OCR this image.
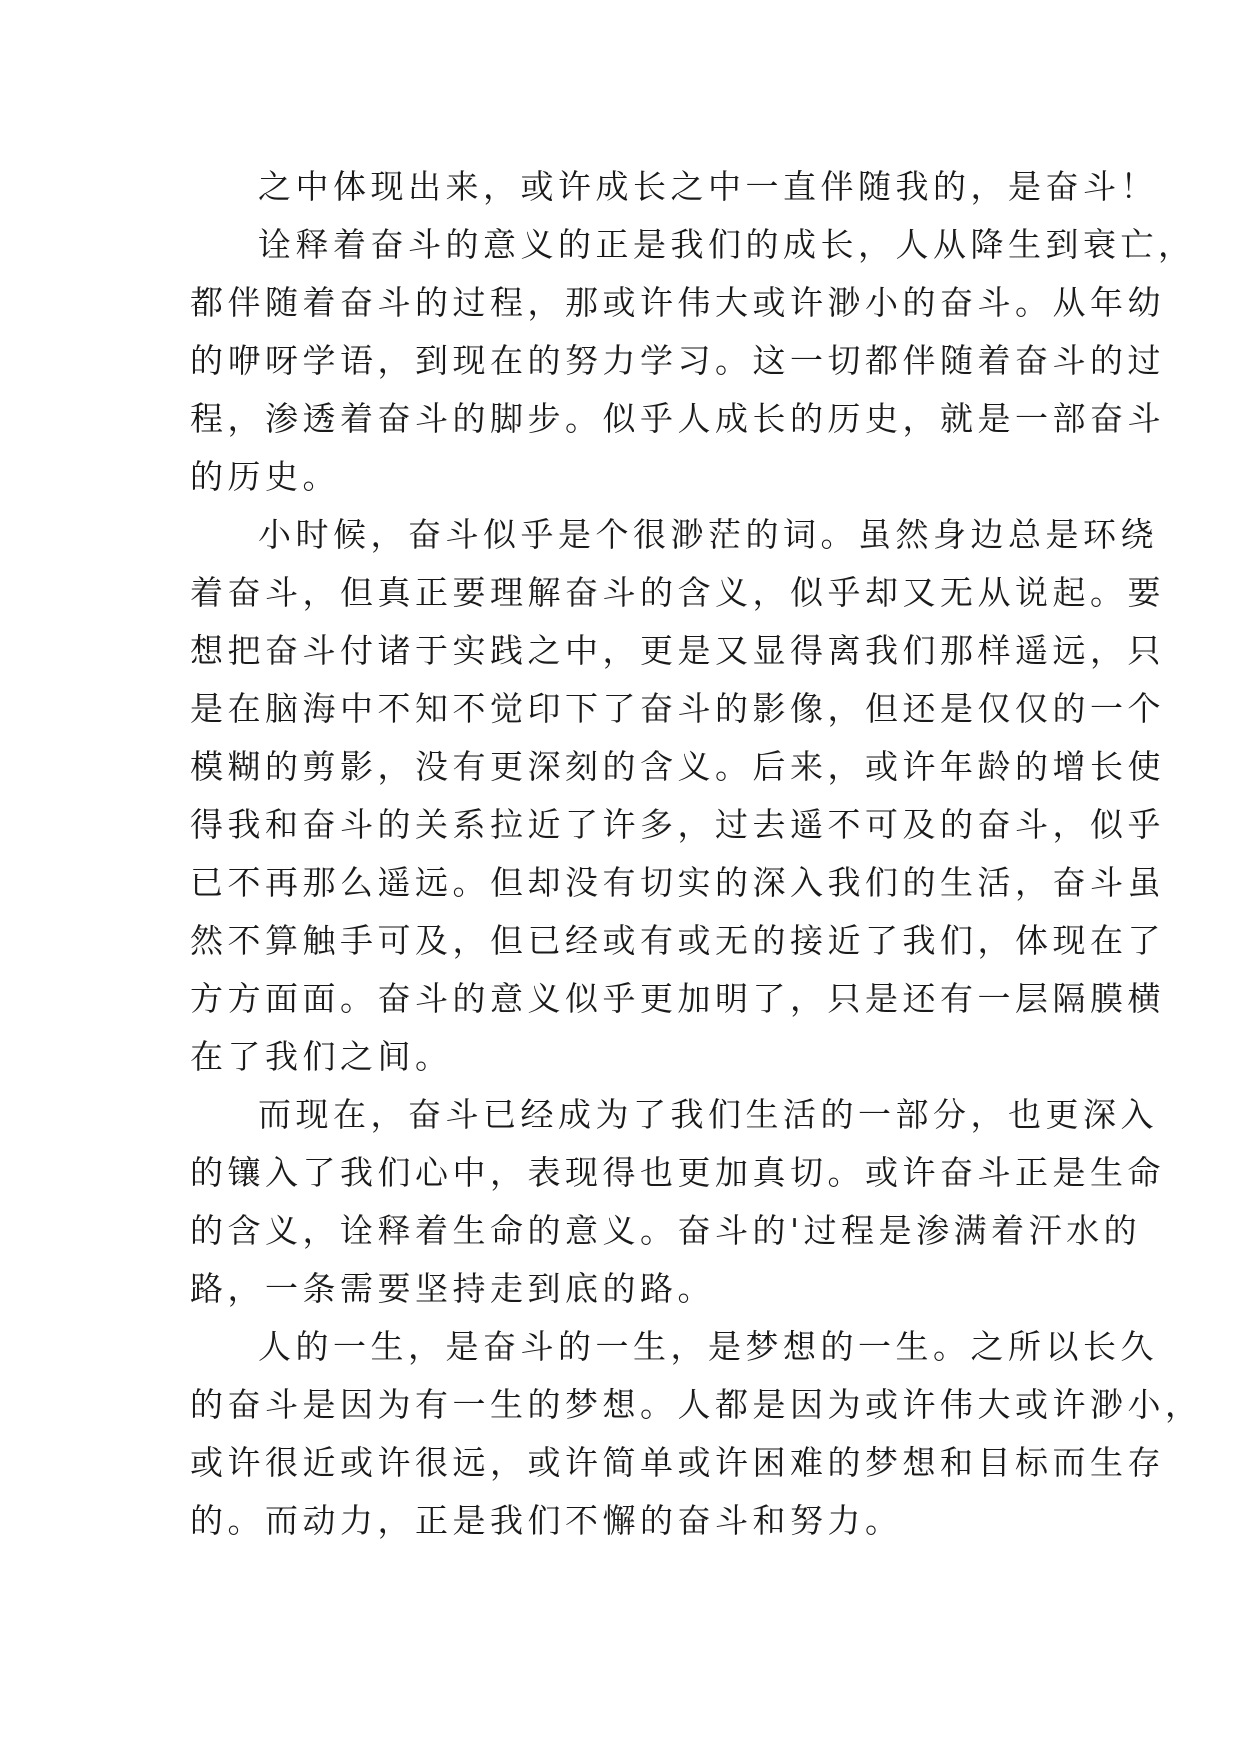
之中体现出来，或许成长之中一直伴随我的，是奋斗！
诠释着奋斗的意义的正是我们的成长，人从降生到衰亡，
都伴随着奋斗的过程，那或许伟大或许渺小的奋斗。从年幼
的咿呀学语，到现在的努力学习。这一切都伴随着奋斗的过
程，渗透着奋斗的脚步。似乎人成长的历史，就是一部奋斗
的历史。
小时候，奋斗似乎是个很渺茫的词。虽然身边总是环绕
着奋斗，但真正要理解奋斗的含义，似乎却又无从说起。要
想把奋斗付诸于实践之中，更是又显得离我们那样遥远，只
是在脑海中不知不觉印下了奋斗的影像，但还是仅仅的一个
模糊的剪影，没有更深刻的含义。后来，或许年龄的增长使
得我和奋斗的关系拉近了许多，过去遥不可及的奋斗，似乎
已不再那么遥远。但却没有切实的深入我们的生活，奋斗虽
然不算触手可及，但已经或有或无的接近了我们，体现在了
方方面面。奋斗的意义似乎更加明了，只是还有一层隔膜横
在了我们之间。
而现在，奋斗已经成为了我们生活的一部分，也更深入
的镶入了我们心中，表现得也更加真切。或许奋斗正是生命
的含义，诠释着生命的意义。奋斗的'过程是渗满着汗水的
路，一条需要坚持走到底的路。
人的一生，是奋斗的一生，是梦想的一生。之所以长久
的奋斗是因为有一生的梦想。人都是因为或许伟大或许渺小，
或许很近或许很远，或许简单或许困难的梦想和目标而生存
的。而动力，正是我们不懈的奋斗和努力。
